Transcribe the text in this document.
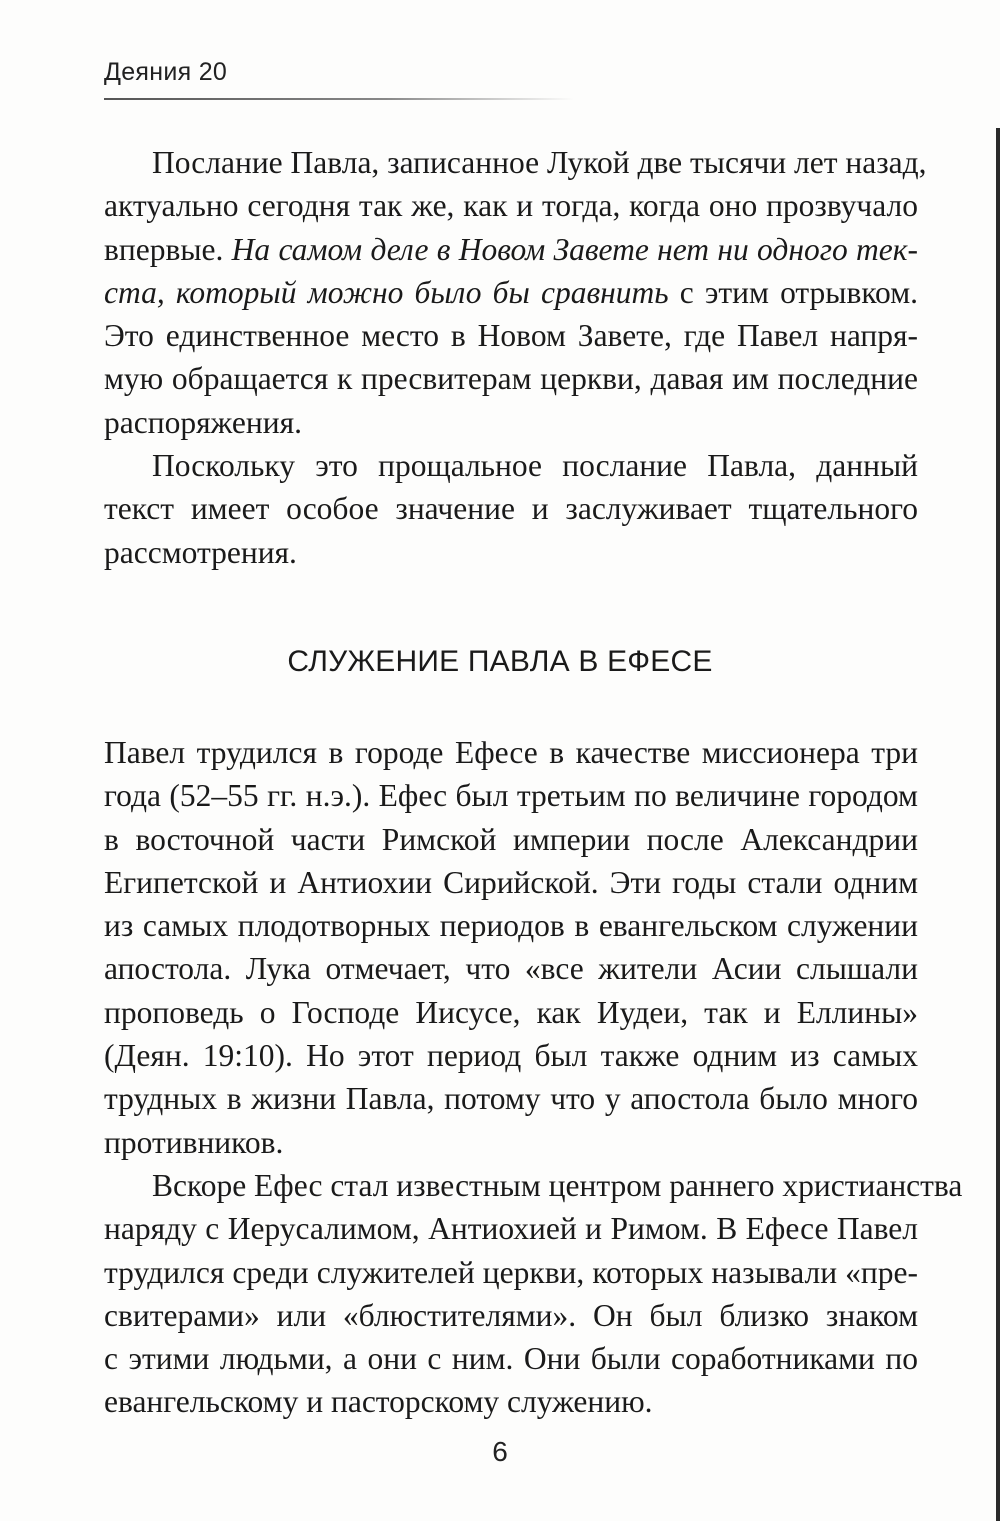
Деяния 20

Послание Павла, записанное Лукой две тысячи лет назад,
актуально сегодня так же, как и тогда, когда оно прозвучало
впервые. На самом деле в Новом Завете нет ни одного тек-
ста, который можно было бы сравнить с этим отрывком.
Это единственное место в Новом Завете, где Павел напря-
мую обращается к пресвитерам церкви, давая им последние
распоряжения.

Поскольку это прощальное послание Павла, данный
текст имеет особое значение и заслуживает тщательного
рассмотрения.

СЛУЖЕНИЕ ПАВЛА В ЕФЕСЕ

Павел трудился в городе Ефесе в качестве миссионера три
года (52–55 гг. н.э.). Ефес был третьим по величине городом
в восточной части Римской империи после Александрии
Египетской и Антиохии Сирийской. Эти годы стали одним
из самых плодотворных периодов в евангельском служении
апостола. Лука отмечает, что «все жители Асии слышали
проповедь о Господе Иисусе, как Иудеи, так и Еллины»
(Деян. 19:10). Но этот период был также одним из самых
трудных в жизни Павла, потому что у апостола было много
противников.

Вскоре Ефес стал известным центром раннего христианства
наряду с Иерусалимом, Антиохией и Римом. В Ефесе Павел
трудился среди служителей церкви, которых называли «пре-
свитерами» или «блюстителями». Он был близко знаком
с этими людьми, а они с ним. Они были соработниками по
евангельскому и пасторскому служению.

6
